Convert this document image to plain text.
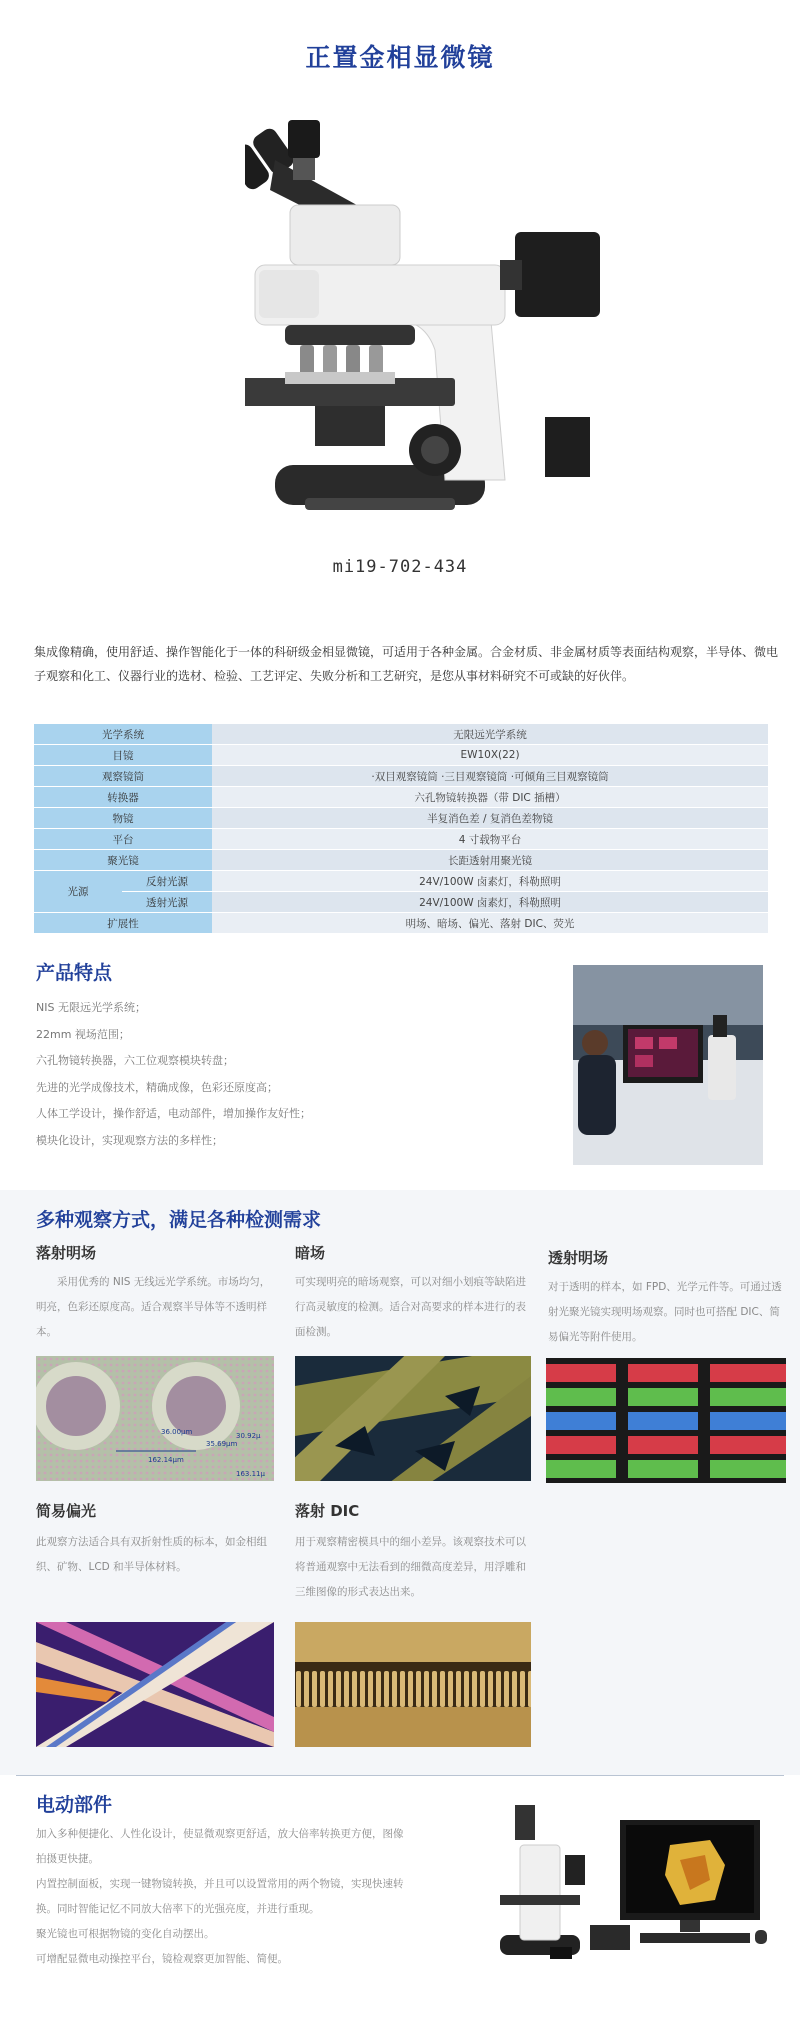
正置金相显微镜
mi19-702-434
集成像精确，使用舒适、操作智能化于一体的科研级金相显微镜，可适用于各种金属。合金材质、非金属材质等表面结构观察，半导体、微电子观察和化工、仪器行业的选材、检验、工艺评定、失败分析和工艺研究，是您从事材料研究不可或缺的好伙伴。
光学系统		无限远光学系统
目镜		EW10X(22)
观察镜筒		·双目观察镜筒 ·三目观察镜筒 ·可倾角三目观察镜筒
转换器		六孔物镜转换器（带 DIC 插槽）
物镜		半复消色差 / 复消色差物镜
平台		4 寸载物平台
聚光镜		长距透射用聚光镜
光源	反射光源	24V/100W 卤素灯，科勒照明
	透射光源	24V/100W 卤素灯，科勒照明
扩展性		明场、暗场、偏光、落射 DIC、荧光
产品特点
NIS 无限远光学系统；
22mm 视场范围；
六孔物镜转换器，六工位观察模块转盘；
先进的光学成像技术，精确成像，色彩还原度高；
人体工学设计，操作舒适，电动部件，增加操作友好性；
模块化设计，实现观察方法的多样性；
多种观察方式，满足各种检测需求
落射明场
　　采用优秀的 NIS 无线远光学系统。市场均匀，明亮，色彩还原度高。适合观察半导体等不透明样本。
30.92μ
36.00μm
35.69μm
162.14μm
163.11μ
暗场
可实现明亮的暗场观察，可以对细小划痕等缺陷进行高灵敏度的检测。适合对高要求的样本进行的表面检测。
透射明场
对于透明的样本，如 FPD、光学元件等。可通过透射光聚光镜实现明场观察。同时也可搭配 DIC、简易偏光等附件使用。
简易偏光
此观察方法适合具有双折射性质的标本，如金相组织、矿物、LCD 和半导体材料。
落射 DIC
用于观察精密模具中的细小差异。该观察技术可以将普通观察中无法看到的细微高度差异，用浮雕和三维图像的形式表达出来。
电动部件
加入多种便捷化、人性化设计，使显微观察更舒适，放大倍率转换更方便，图像拍摄更快捷。
内置控制面板，实现一键物镜转换，并且可以设置常用的两个物镜，实现快速转换。同时智能记忆不同放大倍率下的光强亮度，并进行重现。
聚光镜也可根据物镜的变化自动摆出。
可增配显微电动操控平台，镜检观察更加智能、简便。
